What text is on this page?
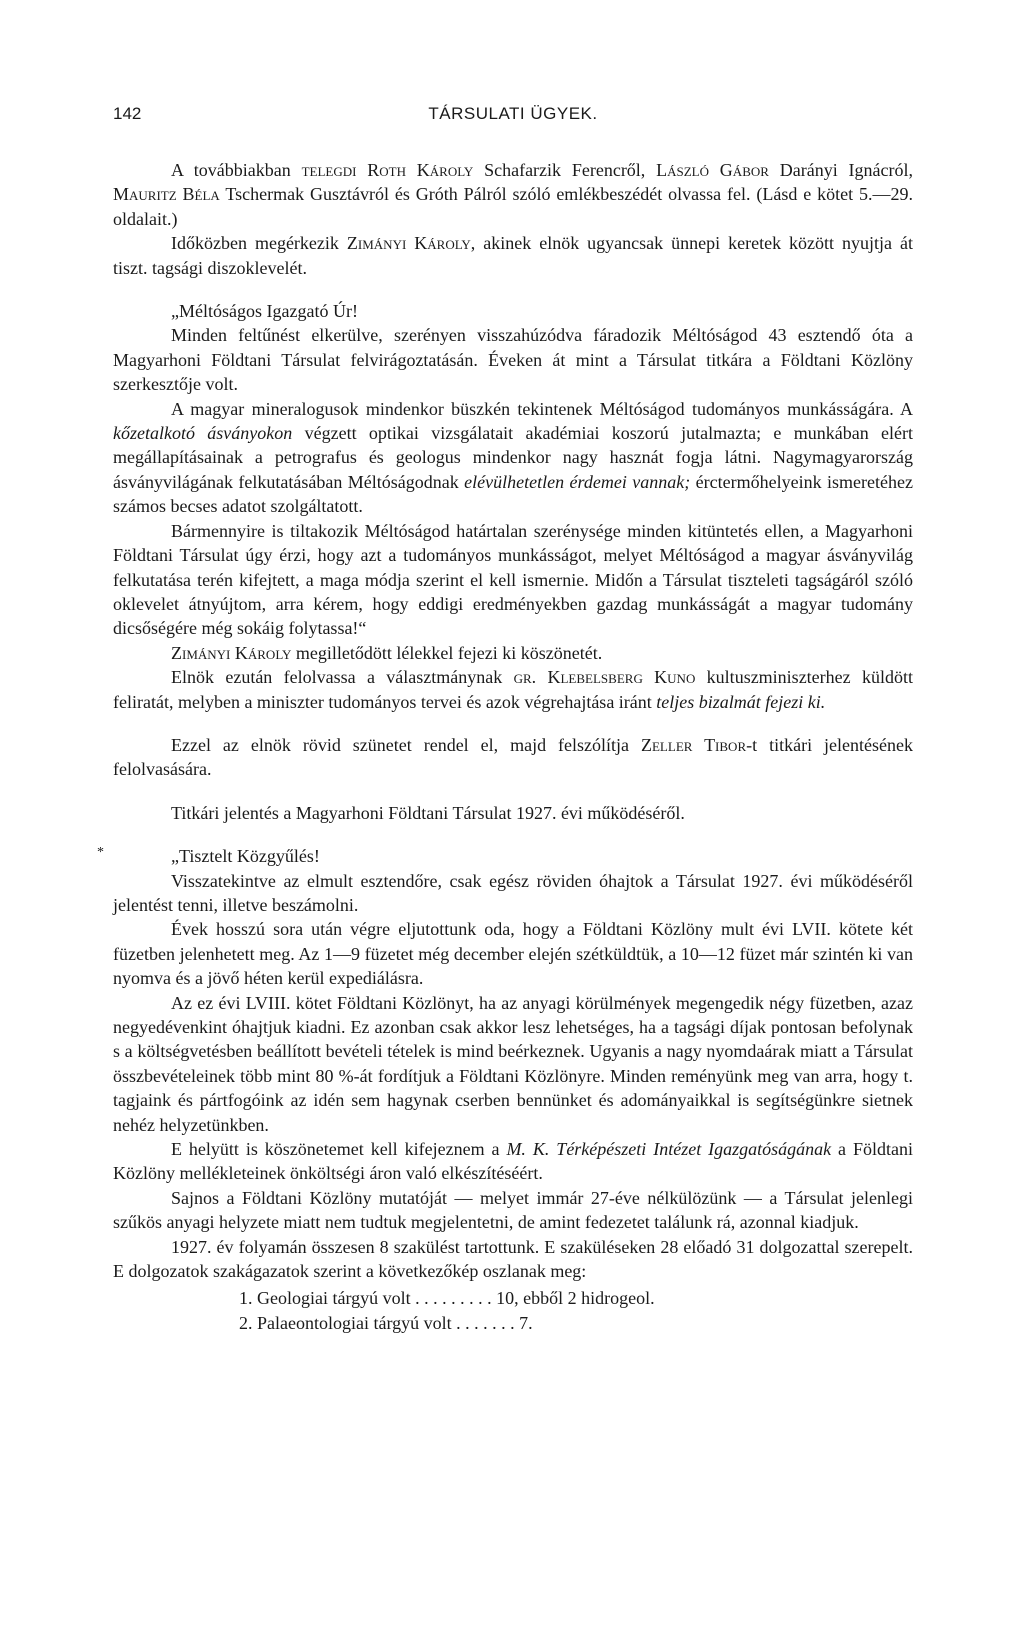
142	TÁRSULATI ÜGYEK.
*

A továbbiakban telegdi Roth Károly Schafarzik Ferencről, László Gábor Darányi Ignácról, Mauritz Béla Tschermak Gusztávról és Gróth Pálról szóló emlékbeszédét olvassa fel. (Lásd e kötet 5.—29. oldalait.)

Időközben megérkezik Zimányi Károly, akinek elnök ugyancsak ünnepi keretek között nyujtja át tiszt. tagsági diszoklevelét.

„Méltóságos Igazgató Úr!

Minden feltűnést elkerülve, szerényen visszahúzódva fáradozik Méltóságod 43 esztendő óta a Magyarhoni Földtani Társulat felvirágoztatásán. Éveken át mint a Társulat titkára a Földtani Közlöny szerkesztője volt.

A magyar mineralogusok mindenkor büszkén tekintenek Méltóságod tudományos munkásságára. A kőzetalkotó ásványokon végzett optikai vizsgálatait akadémiai koszorú jutalmazta; e munkában elért megállapításainak a petrografus és geologus mindenkor nagy hasznát fogja látni. Nagymagyarország ásványvilágának felkutatásában Méltóságodnak elévülhetetlen érdemei vannak; érctermőhelyeink ismeretéhez számos becses adatot szolgáltatott.

Bármennyire is tiltakozik Méltóságod határtalan szerénysége minden kitüntetés ellen, a Magyarhoni Földtani Társulat úgy érzi, hogy azt a tudományos munkásságot, melyet Méltóságod a magyar ásványvilág felkutatása terén kifejtett, a maga módja szerint el kell ismernie. Midőn a Társulat tiszteleti tagságáról szóló oklevelet átnyújtom, arra kérem, hogy eddigi eredményekben gazdag munkásságát a magyar tudomány dicsőségére még sokáig folytassa!“

Zimányi Károly megilletődött lélekkel fejezi ki köszönetét.

Elnök ezután felolvassa a választmánynak gr. Klebelsberg Kuno kultuszminiszterhez küldött feliratát, melyben a miniszter tudományos tervei és azok végrehajtása iránt teljes bizalmát fejezi ki.

Ezzel az elnök rövid szünetet rendel el, majd felszólítja Zeller Tibor-t titkári jelentésének felolvasására.

Titkári jelentés a Magyarhoni Földtani Társulat 1927. évi működéséről.

„Tisztelt Közgyűlés!

Visszatekintve az elmult esztendőre, csak egész röviden óhajtok a Társulat 1927. évi működéséről jelentést tenni, illetve beszámolni.

Évek hosszú sora után végre eljutottunk oda, hogy a Földtani Közlöny mult évi LVII. kötete két füzetben jelenhetett meg. Az 1—9 füzetet még december elején szétküldtük, a 10—12 füzet már szintén ki van nyomva és a jövő héten kerül expediálásra.

Az ez évi LVIII. kötet Földtani Közlönyt, ha az anyagi körülmények megengedik négy füzetben, azaz negyedévenkint óhajtjuk kiadni. Ez azonban csak akkor lesz lehetséges, ha a tagsági díjak pontosan befolynak s a költségvetésben beállított bevételi tételek is mind beérkeznek. Ugyanis a nagy nyomdaárak miatt a Társulat összbevételeinek több mint 80 %-át fordítjuk a Földtani Közlönyre. Minden reményünk meg van arra, hogy t. tagjaink és pártfogóink az idén sem hagynak cserben bennünket és adományaikkal is segítségünkre sietnek nehéz helyzetünkben.

E helyütt is köszönetemet kell kifejeznem a M. K. Térképészeti Intézet Igazgatóságának a Földtani Közlöny mellékleteinek önköltségi áron való elkészítéséért.

Sajnos a Földtani Közlöny mutatóját — melyet immár 27-éve nélkülözünk — a Társulat jelenlegi szűkös anyagi helyzete miatt nem tudtuk megjelentetni, de amint fedezetet találunk rá, azonnal kiadjuk.

1927. év folyamán összesen 8 szakülést tartottunk. E szaküléseken 28 előadó 31 dolgozattal szerepelt. E dolgozatok szakágazatok szerint a következőkép oszlanak meg:

1. Geologiai tárgyú volt . . . . . . . . . 10, ebből 2 hidrogeol.
2. Palaeontologiai tárgyú volt . . . . . . . 7.
